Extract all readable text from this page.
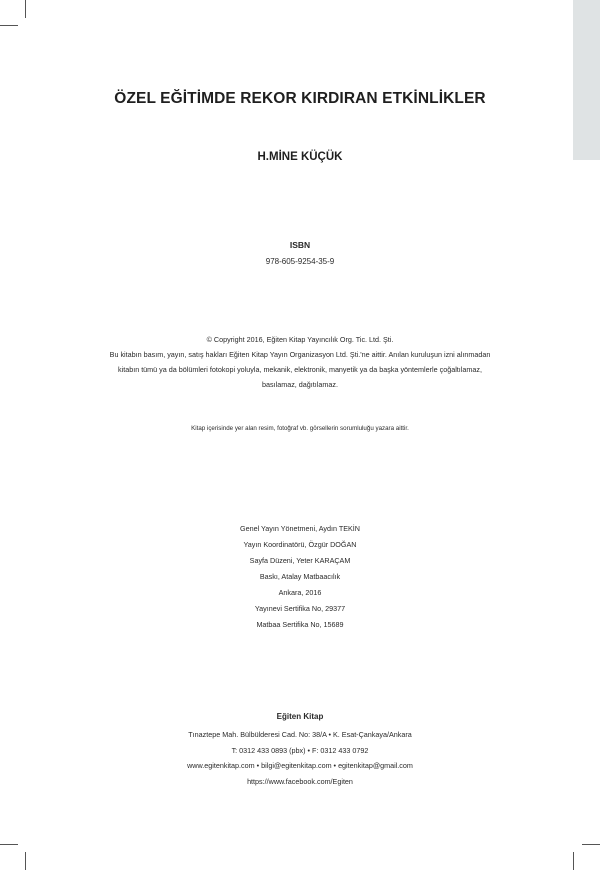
ÖZEL EĞİTİMDE REKOR KIRDIRAN ETKİNLİKLER
H.MİNE KÜÇÜK
ISBN
978-605-9254-35-9
© Copyright 2016, Eğiten Kitap Yayıncılık Org. Tic. Ltd. Şti.
Bu kitabın basım, yayın, satış hakları Eğiten Kitap Yayın Organizasyon Ltd. Şti.'ne aittir. Anılan kuruluşun izni alınmadan
kitabın tümü ya da bölümleri fotokopi yoluyla, mekanik, elektronik, manyetik ya da başka yöntemlerle çoğaltılamaz,
basılamaz, dağıtılamaz.
Kitap içerisinde yer alan resim, fotoğraf vb. görsellerin sorumluluğu yazara aittir.
Genel Yayın Yönetmeni, Aydın TEKİN
Yayın Koordinatörü, Özgür DOĞAN
Sayfa Düzeni, Yeter KARAÇAM
Baskı, Atalay Matbaacılık
Ankara, 2016
Yayınevi Sertifika No, 29377
Matbaa Sertifika No, 15689
Eğiten Kitap
Tınaztepe Mah. Bülbülderesi Cad. No: 38/A • K. Esat-Çankaya/Ankara
T: 0312 433 0893 (pbx) • F: 0312 433 0792
www.egitenkitap.com • bilgi@egitenkitap.com • egitenkitap@gmail.com
https://www.facebook.com/Egiten
